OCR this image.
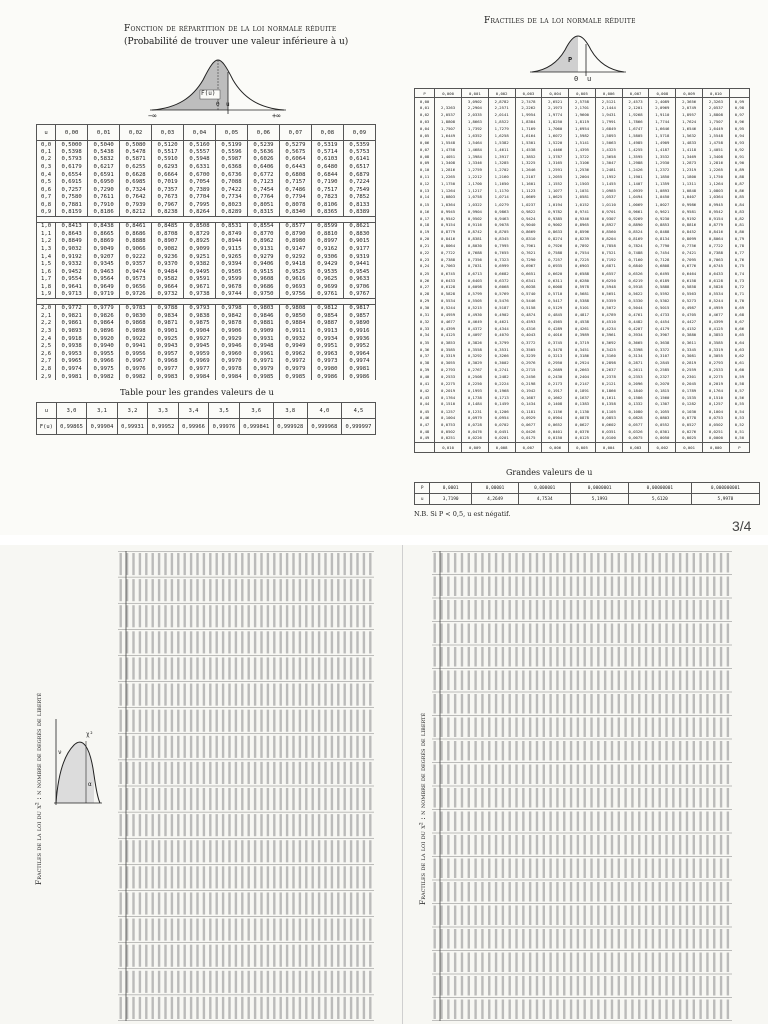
Fonction de répartition de la loi normale réduite
(Probabilité de trouver une valeur inférieure à u)
F(u)
u
0
−∞	+∞
u	0,00	0,01	0,02	0,03	0,04	0,05	0,06	0,07	0,08	0,09
0,0	0,5000	0,5040	0,5080	0,5120	0,5160	0,5199	0,5239	0,5279	0,5319	0,5359
0,1	0,5398	0,5438	0,5478	0,5517	0,5557	0,5596	0,5636	0,5675	0,5714	0,5753
0,2	0,5793	0,5832	0,5871	0,5910	0,5948	0,5987	0,6026	0,6064	0,6103	0,6141
0,3	0,6179	0,6217	0,6255	0,6293	0,6331	0,6368	0,6406	0,6443	0,6480	0,6517
0,4	0,6554	0,6591	0,6628	0,6664	0,6700	0,6736	0,6772	0,6808	0,6844	0,6879
0,5	0,6915	0,6950	0,6985	0,7019	0,7054	0,7088	0,7123	0,7157	0,7190	0,7224
0,6	0,7257	0,7290	0,7324	0,7357	0,7389	0,7422	0,7454	0,7486	0,7517	0,7549
0,7	0,7580	0,7611	0,7642	0,7673	0,7704	0,7734	0,7764	0,7794	0,7823	0,7852
0,8	0,7881	0,7910	0,7939	0,7967	0,7995	0,8023	0,8051	0,8078	0,8106	0,8133
0,9	0,8159	0,8186	0,8212	0,8238	0,8264	0,8289	0,8315	0,8340	0,8365	0,8389

1,0	0,8413	0,8438	0,8461	0,8485	0,8508	0,8531	0,8554	0,8577	0,8599	0,8621
1,1	0,8643	0,8665	0,8686	0,8708	0,8729	0,8749	0,8770	0,8790	0,8810	0,8830
1,2	0,8849	0,8869	0,8888	0,8907	0,8925	0,8944	0,8962	0,8980	0,8997	0,9015
1,3	0,9032	0,9049	0,9066	0,9082	0,9099	0,9115	0,9131	0,9147	0,9162	0,9177
1,4	0,9192	0,9207	0,9222	0,9236	0,9251	0,9265	0,9279	0,9292	0,9306	0,9319
1,5	0,9332	0,9345	0,9357	0,9370	0,9382	0,9394	0,9406	0,9418	0,9429	0,9441
1,6	0,9452	0,9463	0,9474	0,9484	0,9495	0,9505	0,9515	0,9525	0,9535	0,9545
1,7	0,9554	0,9564	0,9573	0,9582	0,9591	0,9599	0,9608	0,9616	0,9625	0,9633
1,8	0,9641	0,9649	0,9656	0,9664	0,9671	0,9678	0,9686	0,9693	0,9699	0,9706
1,9	0,9713	0,9719	0,9726	0,9732	0,9738	0,9744	0,9750	0,9756	0,9761	0,9767

2,0	0,9772	0,9779	0,9783	0,9788	0,9793	0,9798	0,9803	0,9808	0,9812	0,9817
2,1	0,9821	0,9826	0,9830	0,9834	0,9838	0,9842	0,9846	0,9850	0,9854	0,9857
2,2	0,9861	0,9864	0,9868	0,9871	0,9875	0,9878	0,9881	0,9884	0,9887	0,9890
2,3	0,9893	0,9896	0,9898	0,9901	0,9904	0,9906	0,9909	0,9911	0,9913	0,9916
2,4	0,9918	0,9920	0,9922	0,9925	0,9927	0,9929	0,9931	0,9932	0,9934	0,9936
2,5	0,9938	0,9940	0,9941	0,9943	0,9945	0,9946	0,9948	0,9949	0,9951	0,9952
2,6	0,9953	0,9955	0,9956	0,9957	0,9959	0,9960	0,9961	0,9962	0,9963	0,9964
2,7	0,9965	0,9966	0,9967	0,9968	0,9969	0,9970	0,9971	0,9972	0,9973	0,9974
2,8	0,9974	0,9975	0,9976	0,9977	0,9977	0,9978	0,9979	0,9979	0,9980	0,9981
2,9	0,9981	0,9982	0,9982	0,9983	0,9984	0,9984	0,9985	0,9985	0,9986	0,9986
Table pour les grandes valeurs de u
u	3,0	3,1	3,2	3,3	3,4	3,5	3,6	3,8	4,0	4,5
F(u)	0,99865	0,99904	0,99931	0,99952	0,99966	0,99976	0,999841	0,999928	0,999968	0,999997
Fractiles de la loi normale réduite
P
0 u
P	0,000	0,001	0,002	0,003	0,004	0,005	0,006	0,007	0,008	0,009	0,010	
0,00		3,0902	2,8782	2,7478	2,6521	2,5758	2,5121	2,4573	2,4089	2,3656	2,3263	0,99
0,01	2,3263	2,2904	2,2571	2,2262	2,1973	2,1701	2,1444	2,1201	2,0969	2,0749	2,0537	0,98
0,02	2,0537	2,0335	2,0141	1,9954	1,9774	1,9600	1,9431	1,9268	1,9110	1,8957	1,8808	0,97
0,03	1,8808	1,8663	1,8522	1,8384	1,8250	1,8119	1,7991	1,7866	1,7744	1,7624	1,7507	0,96
0,04	1,7507	1,7392	1,7279	1,7169	1,7060	1,6954	1,6849	1,6747	1,6646	1,6546	1,6449	0,95
0,05	1,6449	1,6352	1,6258	1,6164	1,6072	1,5982	1,5893	1,5805	1,5718	1,5632	1,5548	0,94
0,06	1,5548	1,5464	1,5382	1,5301	1,5220	1,5141	1,5063	1,4985	1,4909	1,4833	1,4758	0,93
0,07	1,4758	1,4684	1,4611	1,4538	1,4466	1,4395	1,4325	1,4255	1,4187	1,4118	1,4051	0,92
0,08	1,4051	1,3984	1,3917	1,3852	1,3787	1,3722	1,3658	1,3595	1,3532	1,3469	1,3408	0,91
0,09	1,3408	1,3346	1,3285	1,3225	1,3165	1,3106	1,3047	1,2988	1,2930	1,2873	1,2816	0,90
0,10	1,2816	1,2759	1,2702	1,2646	1,2591	1,2536	1,2481	1,2426	1,2372	1,2319	1,2265	0,89
0,11	1,2265	1,2212	1,2160	1,2107	1,2055	1,2004	1,1952	1,1901	1,1850	1,1800	1,1750	0,88
0,12	1,1750	1,1700	1,1650	1,1601	1,1552	1,1503	1,1455	1,1407	1,1359	1,1311	1,1264	0,87
0,13	1,1264	1,1217	1,1170	1,1123	1,1077	1,1031	1,0985	1,0939	1,0893	1,0848	1,0803	0,86
0,14	1,0803	1,0758	1,0714	1,0669	1,0625	1,0581	1,0537	1,0494	1,0450	1,0407	1,0364	0,85
0,15	1,0364	1,0322	1,0279	1,0237	1,0194	1,0152	1,0110	1,0069	1,0027	0,9986	0,9945	0,84
0,16	0,9945	0,9904	0,9863	0,9822	0,9782	0,9741	0,9701	0,9661	0,9621	0,9581	0,9542	0,83
0,17	0,9542	0,9502	0,9463	0,9424	0,9385	0,9346	0,9307	0,9269	0,9230	0,9192	0,9154	0,82
0,18	0,9154	0,9116	0,9078	0,9040	0,9002	0,8965	0,8927	0,8890	0,8853	0,8816	0,8779	0,81
0,19	0,8779	0,8742	0,8705	0,8669	0,8633	0,8596	0,8560	0,8524	0,8488	0,8452	0,8416	0,80
0,20	0,8416	0,8381	0,8345	0,8310	0,8274	0,8239	0,8204	0,8169	0,8134	0,8099	0,8064	0,79
0,21	0,8064	0,8030	0,7995	0,7961	0,7926	0,7892	0,7858	0,7824	0,7790	0,7756	0,7722	0,78
0,22	0,7722	0,7688	0,7655	0,7621	0,7588	0,7554	0,7521	0,7488	0,7454	0,7421	0,7388	0,77
0,23	0,7388	0,7356	0,7323	0,7290	0,7257	0,7225	0,7192	0,7160	0,7128	0,7095	0,7063	0,76
0,24	0,7063	0,7031	0,6999	0,6967	0,6935	0,6903	0,6871	0,6840	0,6808	0,6776	0,6745	0,75
0,25	0,6745	0,6713	0,6682	0,6651	0,6620	0,6588	0,6557	0,6526	0,6495	0,6464	0,6433	0,74
0,26	0,6433	0,6403	0,6372	0,6341	0,6311	0,6280	0,6250	0,6219	0,6189	0,6158	0,6128	0,73
0,27	0,6128	0,6098	0,6068	0,6038	0,6008	0,5978	0,5948	0,5918	0,5888	0,5858	0,5828	0,72
0,28	0,5828	0,5799	0,5769	0,5740	0,5710	0,5681	0,5651	0,5622	0,5592	0,5563	0,5534	0,71
0,29	0,5534	0,5505	0,5476	0,5446	0,5417	0,5388	0,5359	0,5330	0,5302	0,5273	0,5244	0,70
0,30	0,5244	0,5215	0,5187	0,5158	0,5129	0,5101	0,5072	0,5044	0,5015	0,4987	0,4959	0,69
0,31	0,4959	0,4930	0,4902	0,4874	0,4845	0,4817	0,4789	0,4761	0,4733	0,4705	0,4677	0,68
0,32	0,4677	0,4649	0,4621	0,4593	0,4565	0,4538	0,4510	0,4482	0,4454	0,4427	0,4399	0,67
0,33	0,4399	0,4372	0,4344	0,4316	0,4289	0,4261	0,4234	0,4207	0,4179	0,4152	0,4125	0,66
0,34	0,4125	0,4097	0,4070	0,4043	0,4016	0,3989	0,3961	0,3934	0,3907	0,3880	0,3853	0,65
0,35	0,3853	0,3826	0,3799	0,3772	0,3745	0,3719	0,3692	0,3665	0,3638	0,3611	0,3585	0,64
0,36	0,3585	0,3558	0,3531	0,3505	0,3478	0,3451	0,3425	0,3398	0,3372	0,3345	0,3319	0,63
0,37	0,3319	0,3292	0,3266	0,3239	0,3213	0,3186	0,3160	0,3134	0,3107	0,3081	0,3055	0,62
0,38	0,3055	0,3029	0,3002	0,2976	0,2950	0,2924	0,2898	0,2871	0,2845	0,2819	0,2793	0,61
0,39	0,2793	0,2767	0,2741	0,2715	0,2689	0,2663	0,2637	0,2611	0,2585	0,2559	0,2533	0,60
0,40	0,2533	0,2508	0,2482	0,2456	0,2430	0,2404	0,2378	0,2353	0,2327	0,2301	0,2275	0,59
0,41	0,2275	0,2250	0,2224	0,2198	0,2173	0,2147	0,2121	0,2096	0,2070	0,2045	0,2019	0,58
0,42	0,2019	0,1993	0,1968	0,1942	0,1917	0,1891	0,1866	0,1840	0,1815	0,1789	0,1764	0,57
0,43	0,1764	0,1738	0,1713	0,1687	0,1662	0,1637	0,1611	0,1586	0,1560	0,1535	0,1510	0,56
0,44	0,1510	0,1484	0,1459	0,1434	0,1408	0,1383	0,1358	0,1332	0,1307	0,1282	0,1257	0,55
0,45	0,1257	0,1231	0,1206	0,1181	0,1156	0,1130	0,1105	0,1080	0,1055	0,1030	0,1004	0,54
0,46	0,1004	0,0979	0,0954	0,0929	0,0904	0,0878	0,0853	0,0828	0,0803	0,0778	0,0753	0,53
0,47	0,0753	0,0728	0,0702	0,0677	0,0652	0,0627	0,0602	0,0577	0,0552	0,0527	0,0502	0,52
0,48	0,0502	0,0476	0,0451	0,0426	0,0401	0,0376	0,0351	0,0326	0,0301	0,0276	0,0251	0,51
0,49	0,0251	0,0226	0,0201	0,0175	0,0150	0,0125	0,0100	0,0075	0,0050	0,0025	0,0000	0,50
	0,010	0,009	0,008	0,007	0,006	0,005	0,004	0,003	0,002	0,001	0,000	P
Grandes valeurs de u
P	0,0001	0,00001	0,000001	0,0000001	0,00000001	0,000000001
u	3,7190	4,2649	4,7534	5,1993	5,6120	5,9978
N.B. Si P < 0,5, u est négatif.
3/4
Fractiles de la loi du χ² : ν nombre de degrés de liberté	ν
α
χ²	Fractiles de la loi du χ² : ν nombre de degrés de liberté
